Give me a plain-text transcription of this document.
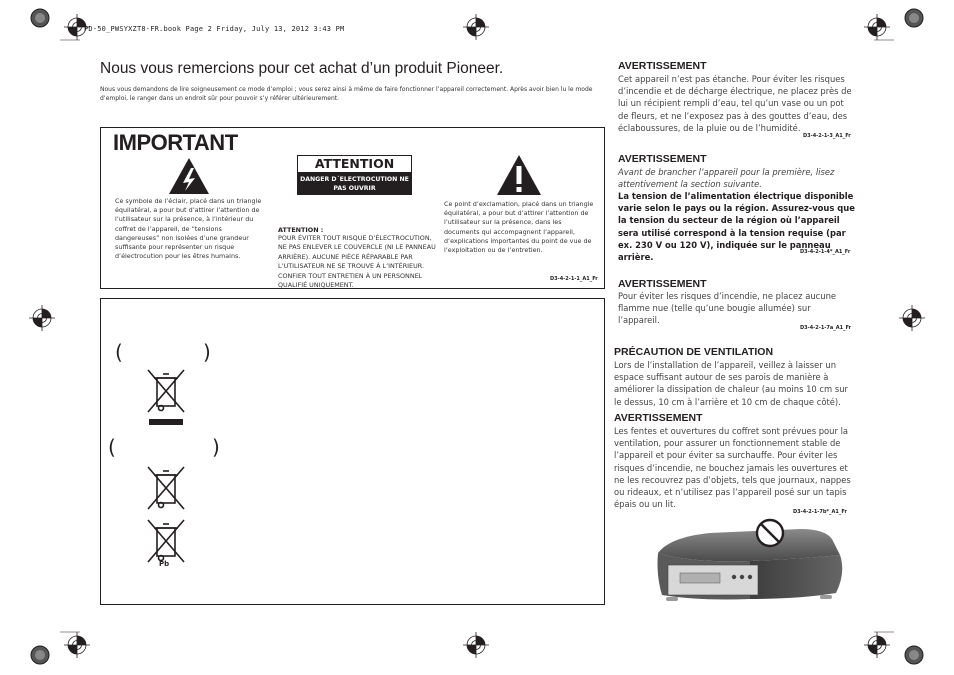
PD-50_PWSYXZT8-FR.book Page 2 Friday, July 13, 2012 3:43 PM
Nous vous remercions pour cet achat d’un produit Pioneer.
Nous vous demandons de lire soigneusement ce mode d’emploi ; vous serez ainsi à même de faire fonctionner l’appareil correctement. Après avoir bien lu le mode d’emploi, le ranger dans un endroit sûr pour pouvoir s’y référer ultérieurement.
IMPORTANT
Ce symbole de l’éclair, placé dans un triangle équilatéral, a pour but d’attirer l’attention de l’utilisateur sur la présence, à l’intérieur du coffret de l’appareil, de “tensions dangereuses” non isolées d’une grandeur suffisante pour représenter un risque d’électrocution pour les êtres humains.
ATTENTION
DANGER D´ELECTROCUTION NE PAS OUVRIR
ATTENTION :
POUR ÉVITER TOUT RISQUE D’ÉLECTROCUTION, NE PAS ENLEVER LE COUVERCLE (NI LE PANNEAU ARRIÈRE). AUCUNE PIÈCE RÉPARABLE PAR L’UTILISATEUR NE SE TROUVE À L’INTÉRIEUR. CONFIER TOUT ENTRETIEN À UN PERSONNEL QUALIFIÉ UNIQUEMENT.
Ce point d’exclamation, placé dans un triangle équilatéral, a pour but d’attirer l’attention de l’utilisateur sur la présence, dans les documents qui accompagnent l’appareil, d’explications importantes du point de vue de l’exploitation ou de l’entretien.
D3-4-2-1-1_A1_Fr
(	)
(	)
Pb
AVERTISSEMENT
Cet appareil n’est pas étanche. Pour éviter les risques d’incendie et de décharge électrique, ne placez près de lui un récipient rempli d’eau, tel qu’un vase ou un pot de fleurs, et ne l’exposez pas à des gouttes d’eau, des éclaboussures, de la pluie ou de l’humidité.
D3-4-2-1-3_A1_Fr
AVERTISSEMENT
Avant de brancher l’appareil pour la première, lisez attentivement la section suivante.
La tension de l’alimentation électrique disponible varie selon le pays ou la région. Assurez-vous que la tension du secteur de la région où l’appareil sera utilisé correspond à la tension requise (par ex. 230 V ou 120 V), indiquée sur le panneau arrière.
D3-4-2-1-4*_A1_Fr
AVERTISSEMENT
Pour éviter les risques d’incendie, ne placez aucune flamme nue (telle qu’une bougie allumée) sur l’appareil.
D3-4-2-1-7a_A1_Fr
PRÉCAUTION DE VENTILATION
Lors de l’installation de l’appareil, veillez à laisser un espace suffisant autour de ses parois de manière à améliorer la dissipation de chaleur (au moins 10 cm sur le dessus, 10 cm à l’arrière et 10 cm de chaque côté).
AVERTISSEMENT
Les fentes et ouvertures du coffret sont prévues pour la ventilation, pour assurer un fonctionnement stable de l’appareil et pour éviter sa surchauffe. Pour éviter les risques d’incendie, ne bouchez jamais les ouvertures et ne les recouvrez pas d’objets, tels que journaux, nappes ou rideaux, et n’utilisez pas l’appareil posé sur un tapis épais ou un lit.
D3-4-2-1-7b*_A1_Fr
